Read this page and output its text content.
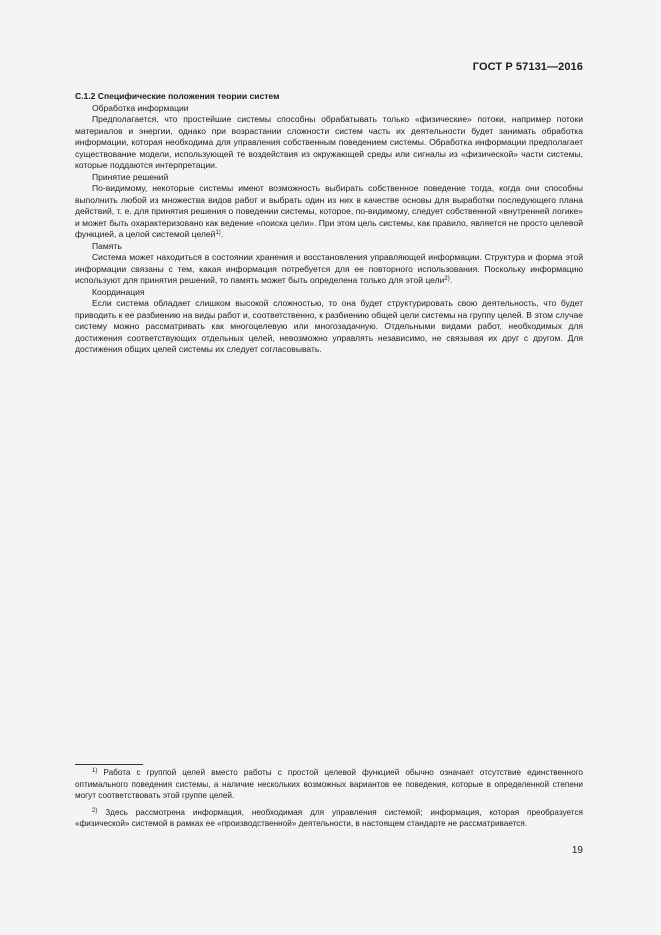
ГОСТ Р 57131—2016

С.1.2 Специфические положения теории систем

Обработка информации

Предполагается, что простейшие системы способны обрабатывать только «физические» потоки, например потоки материалов и энергии, однако при возрастании сложности систем часть их деятельности будет занимать обработка информации, которая необходима для управления собственным поведением системы. Обработка информации предполагает существование модели, использующей те воздействия из окружающей среды или сигналы из «физической» части системы, которые поддаются интерпретации.

Принятие решений

По-видимому, некоторые системы имеют возможность выбирать собственное поведение тогда, когда они способны выполнить любой из множества видов работ и выбрать один из них в качестве основы для выработки последующего плана действий, т. е. для принятия решения о поведении системы, которое, по-видимому, следует собственной «внутренней логике» и может быть охарактеризовано как ведение «поиска цели». При этом цель системы, как правило, является не просто целевой функцией, а целой системой целей$^{1)}$.

Память

Система может находиться в состоянии хранения и восстановления управляющей информации. Структура и форма этой информации связаны с тем, какая информация потребуется для ее повторного использования. Поскольку информацию используют для принятия решений, то память может быть определена только для этой цели$^{2)}$.

Координация

Если система обладает слишком высокой сложностью, то она будет структурировать свою деятельность, что будет приводить к ее разбиению на виды работ и, соответственно, к разбиению общей цели системы на группу целей. В этом случае систему можно рассматривать как многоцелевую или многозадачную. Отдельными видами работ, необходимых для достижения соответствующих отдельных целей, невозможно управлять независимо, не связывая их друг с другом. Для достижения общих целей системы их следует согласовывать.

$^{1)}$ Работа с группой целей вместо работы с простой целевой функцией обычно означает отсутствие единственного оптимального поведения системы, а наличие нескольких возможных вариантов ее поведения, которые в определенной степени могут соответствовать этой группе целей.

$^{2)}$ Здесь рассмотрена информация, необходимая для управления системой; информация, которая преобразуется «физической» системой в рамках ее «производственной» деятельности, в настоящем стандарте не рассматривается.

19
